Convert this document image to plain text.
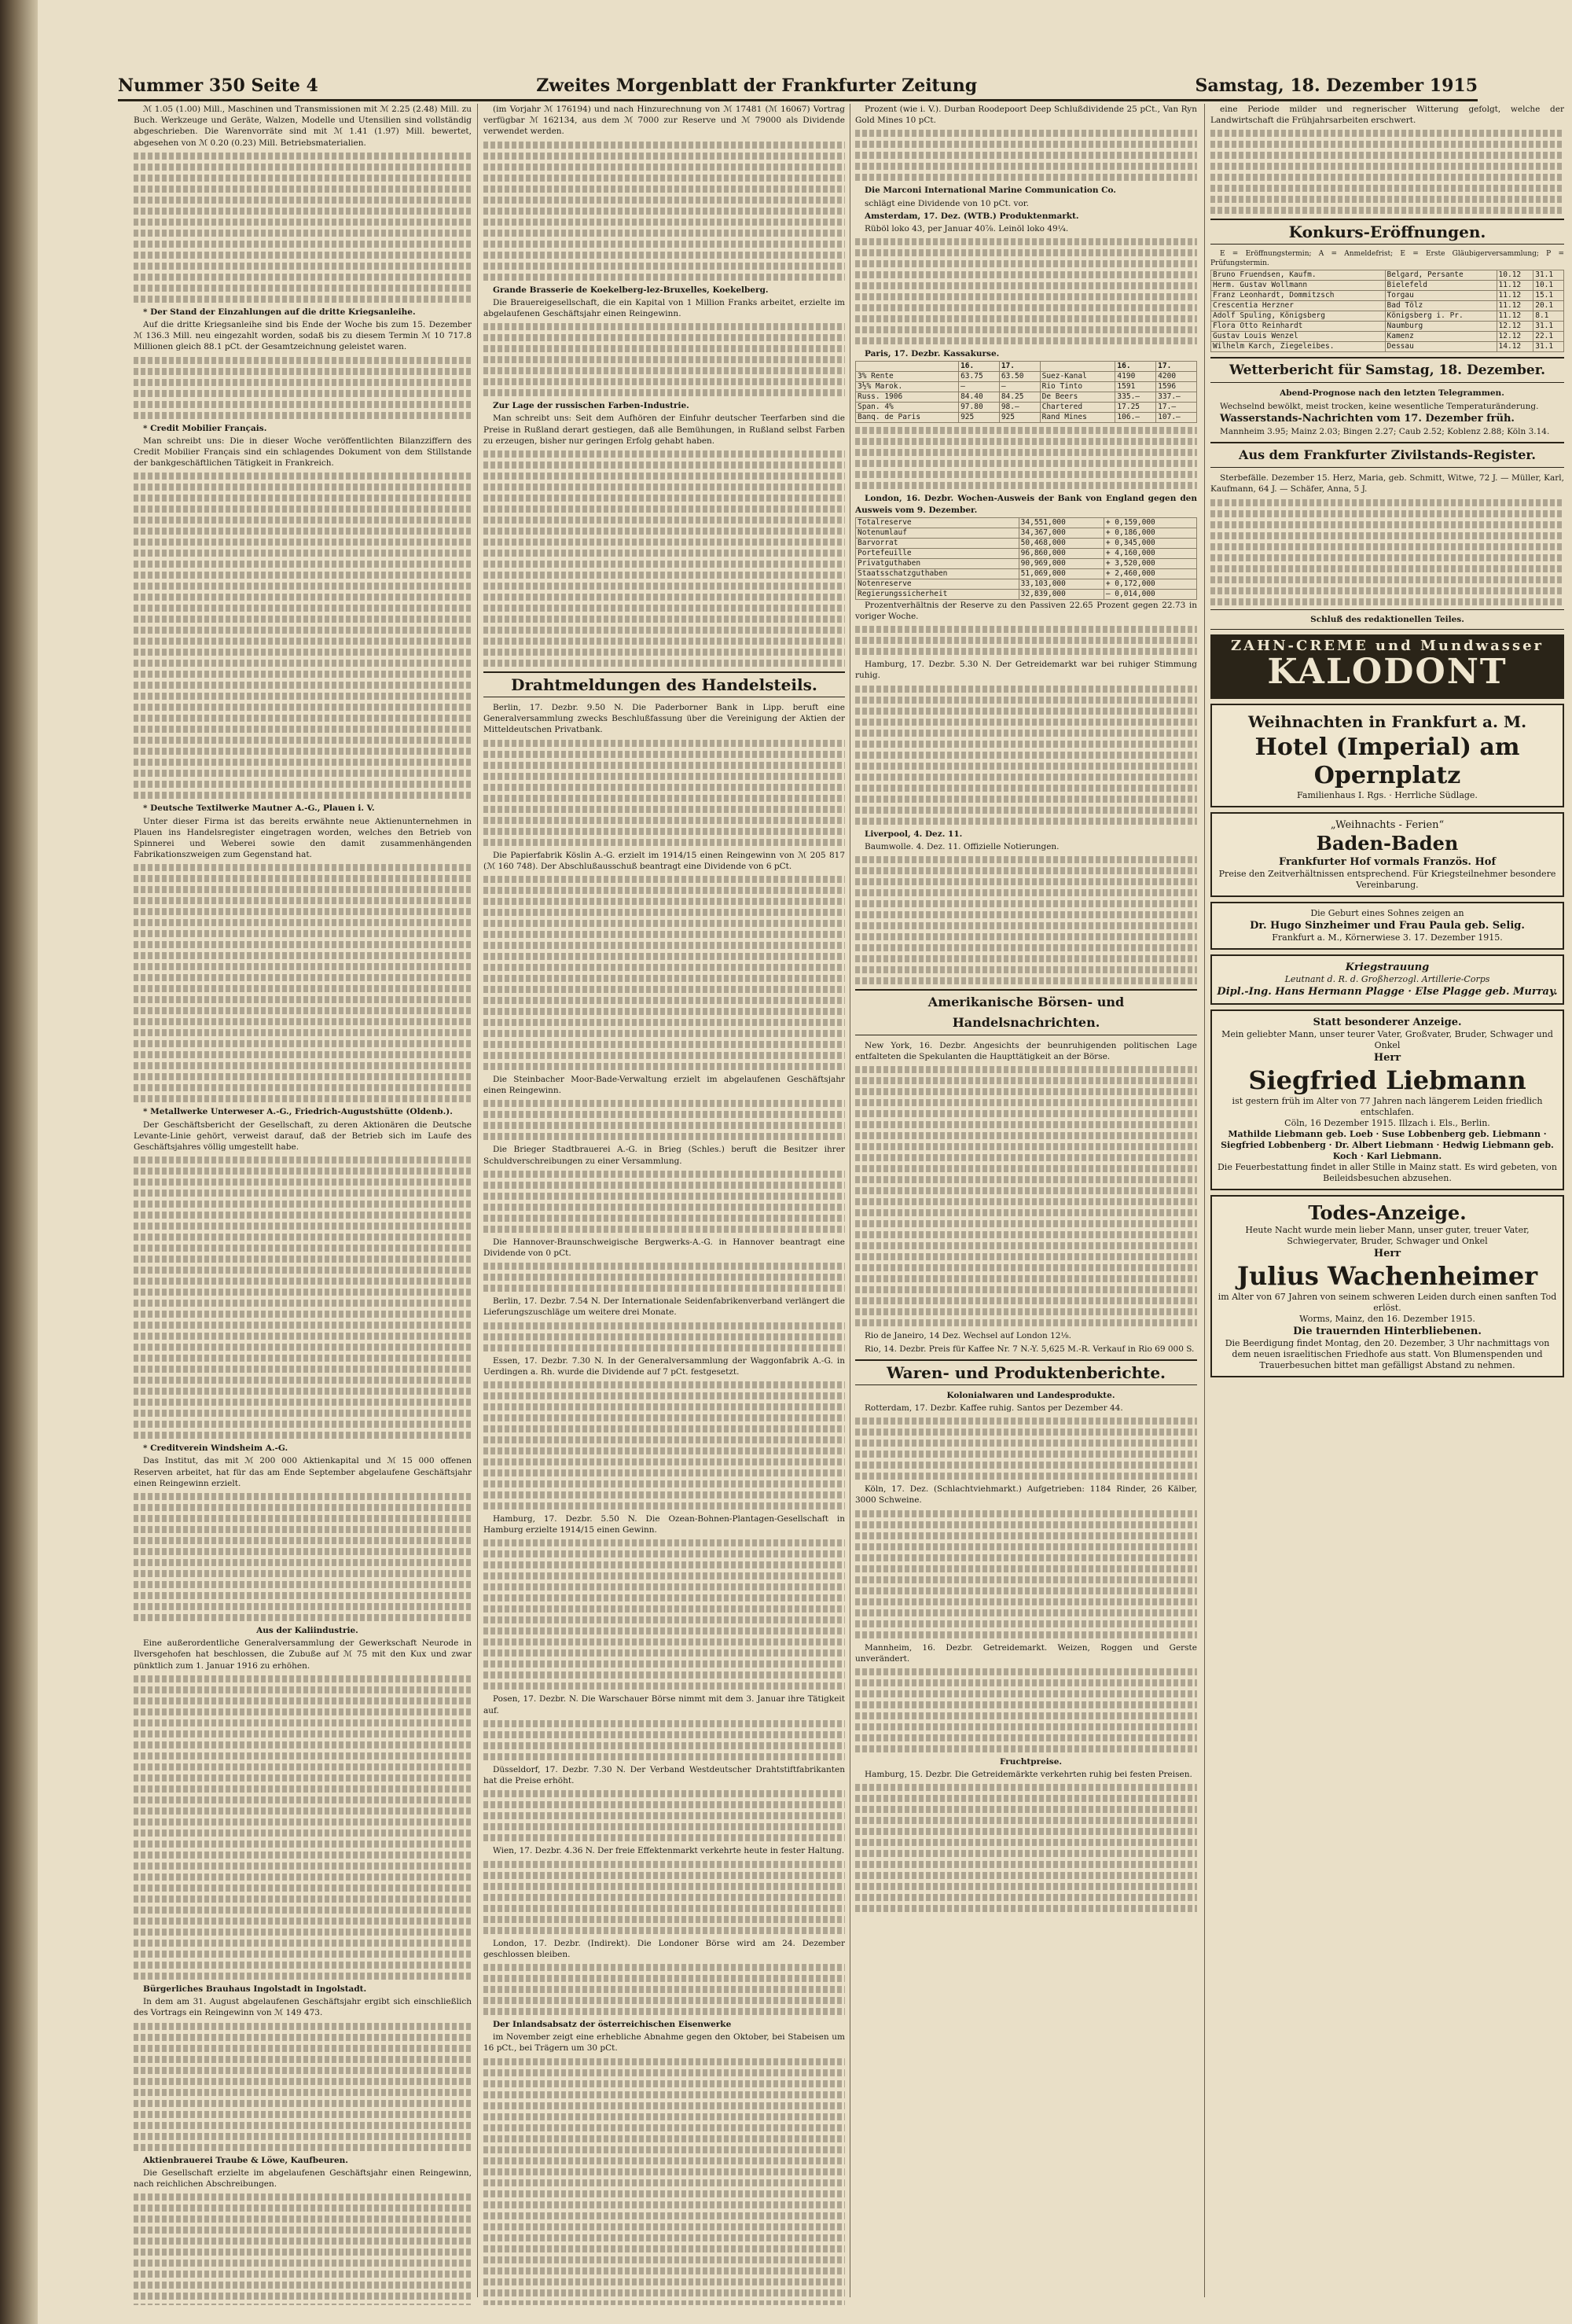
Nummer 350 Seite 4	Zweites Morgenblatt der Frankfurter Zeitung	Samstag, 18. Dezember 1915

ℳ 1.05 (1.00) Mill., Maschinen und Transmissionen mit ℳ 2.25 (2.48) Mill. zu Buch. Werkzeuge und Geräte, Walzen, Modelle und Utensilien sind vollständig abgeschrieben. Die Warenvorräte sind mit ℳ 1.41 (1.97) Mill. bewertet, abgesehen von ℳ 0.20 (0.23) Mill. Betriebsmaterialien.

* Der Stand der Einzahlungen auf die dritte Kriegsanleihe.

Auf die dritte Kriegsanleihe sind bis Ende der Woche bis zum 15. Dezember ℳ 136.3 Mill. neu eingezahlt worden, sodaß bis zu diesem Termin ℳ 10 717.8 Millionen gleich 88.1 pCt. der Gesamtzeichnung geleistet waren.

* Credit Mobilier Français.

Man schreibt uns: Die in dieser Woche veröffentlichten Bilanzziffern des Credit Mobilier Français sind ein schlagendes Dokument von dem Stillstande der bankgeschäftlichen Tätigkeit in Frankreich.

* Deutsche Textilwerke Mautner A.-G., Plauen i. V.

Unter dieser Firma ist das bereits erwähnte neue Aktienunternehmen in Plauen ins Handelsregister eingetragen worden, welches den Betrieb von Spinnerei und Weberei sowie den damit zusammenhängenden Fabrikationszweigen zum Gegenstand hat.

* Metallwerke Unterweser A.-G., Friedrich-Augustshütte (Oldenb.).

Der Geschäftsbericht der Gesellschaft, zu deren Aktionären die Deutsche Levante-Linie gehört, verweist darauf, daß der Betrieb sich im Laufe des Geschäftsjahres völlig umgestellt habe.

* Creditverein Windsheim A.-G.

Das Institut, das mit ℳ 200 000 Aktienkapital und ℳ 15 000 offenen Reserven arbeitet, hat für das am Ende September abgelaufene Geschäftsjahr einen Reingewinn erzielt.

Aus der Kaliindustrie.

Eine außerordentliche Generalversammlung der Gewerkschaft Neurode in Ilversgehofen hat beschlossen, die Zubuße auf ℳ 75 mit den Kux und zwar pünktlich zum 1. Januar 1916 zu erhöhen.

Bürgerliches Brauhaus Ingolstadt in Ingolstadt.

In dem am 31. August abgelaufenen Geschäftsjahr ergibt sich einschließlich des Vortrags ein Reingewinn von ℳ 149 473.

Aktienbrauerei Traube & Löwe, Kaufbeuren.

Die Gesellschaft erzielte im abgelaufenen Geschäftsjahr einen Reingewinn, nach reichlichen Abschreibungen.

(im Vorjahr ℳ 176194) und nach Hinzurechnung von ℳ 17481 (ℳ 16067) Vortrag verfügbar ℳ 162134, aus dem ℳ 7000 zur Reserve und ℳ 79000 als Dividende verwendet werden.

Grande Brasserie de Koekelberg-lez-Bruxelles, Koekelberg.

Die Brauereigesellschaft, die ein Kapital von 1 Million Franks arbeitet, erzielte im abgelaufenen Geschäftsjahr einen Reingewinn.

Zur Lage der russischen Farben-Industrie.

Man schreibt uns: Seit dem Aufhören der Einfuhr deutscher Teerfarben sind die Preise in Rußland derart gestiegen, daß alle Bemühungen, in Rußland selbst Farben zu erzeugen, bisher nur geringen Erfolg gehabt haben.

Drahtmeldungen des Handelsteils.

Berlin, 17. Dezbr. 9.50 N. Die Paderborner Bank in Lipp. beruft eine Generalversammlung zwecks Beschlußfassung über die Vereinigung der Aktien der Mitteldeutschen Privatbank.

Die Papierfabrik Köslin A.-G. erzielt im 1914/15 einen Reingewinn von ℳ 205 817 (ℳ 160 748). Der Abschlußausschuß beantragt eine Dividende von 6 pCt.

Die Steinbacher Moor-Bade-Verwaltung erzielt im abgelaufenen Geschäftsjahr einen Reingewinn.

Die Brieger Stadtbrauerei A.-G. in Brieg (Schles.) beruft die Besitzer ihrer Schuldverschreibungen zu einer Versammlung.

Die Hannover-Braunschweigische Bergwerks-A.-G. in Hannover beantragt eine Dividende von 0 pCt.

Berlin, 17. Dezbr. 7.54 N. Der Internationale Seidenfabrikenverband verlängert die Lieferungszuschläge um weitere drei Monate.

Essen, 17. Dezbr. 7.30 N. In der Generalversammlung der Waggonfabrik A.-G. in Uerdingen a. Rh. wurde die Dividende auf 7 pCt. festgesetzt.

Hamburg, 17. Dezbr. 5.50 N. Die Ozean-Bohnen-Plantagen-Gesellschaft in Hamburg erzielte 1914/15 einen Gewinn.

Posen, 17. Dezbr. N. Die Warschauer Börse nimmt mit dem 3. Januar ihre Tätigkeit auf.

Düsseldorf, 17. Dezbr. 7.30 N. Der Verband Westdeutscher Drahtstiftfabrikanten hat die Preise erhöht.

Wien, 17. Dezbr. 4.36 N. Der freie Effektenmarkt verkehrte heute in fester Haltung.

London, 17. Dezbr. (Indirekt). Die Londoner Börse wird am 24. Dezember geschlossen bleiben.

Der Inlandsabsatz der österreichischen Eisenwerke

im November zeigt eine erhebliche Abnahme gegen den Oktober, bei Stabeisen um 16 pCt., bei Trägern um 30 pCt.

Prozent (wie i. V.). Durban Roodepoort Deep Schlußdividende 25 pCt., Van Ryn Gold Mines 10 pCt.

Die Marconi International Marine Communication Co.

schlägt eine Dividende von 10 pCt. vor.

Amsterdam, 17. Dez. (WTB.) Produktenmarkt.

Rüböl loko 43, per Januar 40⅞. Leinöl loko 49¼.

Paris, 17. Dezbr. Kassakurse.

	16.	17.		16.	17.
3% Rente	63.75	63.50	Suez-Kanal	4190	4200
3½% Marok.	—	—	Rio Tinto	1591	1596
Russ. 1906	84.40	84.25	De Beers	335.—	337.—
Span. 4%	97.80	98.—	Chartered	17.25	17.—
Banq. de Paris	925	925	Rand Mines	106.—	107.—

London, 16. Dezbr. Wochen-Ausweis der Bank von England gegen den Ausweis vom 9. Dezember.

Totalreserve	34,551,000	+ 0,159,000
Notenumlauf	34,367,000	+ 0,186,000
Barvorrat	50,468,000	+ 0,345,000
Portefeuille	96,860,000	+ 4,160,000
Privatguthaben	90,969,000	+ 3,520,000
Staatsschatzguthaben	51,069,000	+ 2,460,000
Notenreserve	33,103,000	+ 0,172,000
Regierungssicherheit	32,839,000	— 0,014,000

Prozentverhältnis der Reserve zu den Passiven 22.65 Prozent gegen 22.73 in voriger Woche.

Hamburg, 17. Dezbr. 5.30 N. Der Getreidemarkt war bei ruhiger Stimmung ruhig.

Liverpool, 4. Dez. 11.

Baumwolle. 4. Dez. 11. Offizielle Notierungen.

Amerikanische Börsen- und Handelsnachrichten.

New York, 16. Dezbr. Angesichts der beunruhigenden politischen Lage entfalteten die Spekulanten die Haupttätigkeit an der Börse.

Rio de Janeiro, 14 Dez. Wechsel auf London 12⅛.

Rio, 14. Dezbr. Preis für Kaffee Nr. 7 N.-Y. 5,625 M.-R. Verkauf in Rio 69 000 S.

Waren- und Produktenberichte.

Kolonialwaren und Landesprodukte.

Rotterdam, 17. Dezbr. Kaffee ruhig. Santos per Dezember 44.

Köln, 17. Dez. (Schlachtviehmarkt.) Aufgetrieben: 1184 Rinder, 26 Kälber, 3000 Schweine.

Mannheim, 16. Dezbr. Getreidemarkt. Weizen, Roggen und Gerste unverändert.

Fruchtpreise.

Hamburg, 15. Dezbr. Die Getreidemärkte verkehrten ruhig bei festen Preisen.

eine Periode milder und regnerischer Witterung gefolgt, welche der Landwirtschaft die Frühjahrsarbeiten erschwert.

Konkurs-Eröffnungen.

E = Eröffnungstermin; A = Anmeldefrist; E = Erste Gläubigerversammlung; P = Prüfungstermin.

Bruno Fruendsen, Kaufm.	Belgard, Persante	10.12	31.1
Herm. Gustav Wollmann	Bielefeld	11.12	10.1
Franz Leonhardt, Dommitzsch	Torgau	11.12	15.1
Crescentia Herzner	Bad Tölz	11.12	20.1
Adolf Spuling, Königsberg	Königsberg i. Pr.	11.12	8.1
Flora Otto Reinhardt	Naumburg	12.12	31.1
Gustav Louis Wenzel	Kamenz	12.12	22.1
Wilhelm Karch, Ziegeleibes.	Dessau	14.12	31.1
Wetterbericht für Samstag, 18. Dezember.

Abend-Prognose nach den letzten Telegrammen.

Wechselnd bewölkt, meist trocken, keine wesentliche Temperaturänderung.

Wasserstands-Nachrichten vom 17. Dezember früh.

Mannheim 3.95; Mainz 2.03; Bingen 2.27; Caub 2.52; Koblenz 2.88; Köln 3.14.

Aus dem Frankfurter Zivilstands-Register.

Sterbefälle. Dezember 15. Herz, Maria, geb. Schmitt, Witwe, 72 J. — Müller, Karl, Kaufmann, 64 J. — Schäfer, Anna, 5 J.

Schluß des redaktionellen Teiles.

ZAHN-CREME und Mundwasser
KALODONT
Weihnachten in Frankfurt a. M.
Hotel (Imperial) am Opernplatz
Familienhaus I. Rgs. · Herrliche Südlage.
„Weihnachts - Ferien“
Baden-Baden
Frankfurter Hof vormals Französ. Hof
Preise den Zeitverhältnissen entsprechend. Für Kriegsteilnehmer besondere Vereinbarung.
Die Geburt eines Sohnes zeigen an
Dr. Hugo Sinzheimer und Frau Paula geb. Selig.
Frankfurt a. M., Körnerwiese 3. 17. Dezember 1915.
Kriegstrauung
Leutnant d. R. d. Großherzogl. Artillerie-Corps
Dipl.-Ing. Hans Hermann Plagge · Else Plagge geb. Murray.
Statt besonderer Anzeige.
Mein geliebter Mann, unser teurer Vater, Großvater, Bruder, Schwager und Onkel
Herr
Siegfried Liebmann
ist gestern früh im Alter von 77 Jahren nach längerem Leiden friedlich entschlafen.
Cöln, 16 Dezember 1915. Illzach i. Els., Berlin.
Mathilde Liebmann geb. Loeb · Suse Lobbenberg geb. Liebmann · Siegfried Lobbenberg · Dr. Albert Liebmann · Hedwig Liebmann geb. Koch · Karl Liebmann.
Die Feuerbestattung findet in aller Stille in Mainz statt. Es wird gebeten, von Beileidsbesuchen abzusehen.
Todes-Anzeige.
Heute Nacht wurde mein lieber Mann, unser guter, treuer Vater, Schwiegervater, Bruder, Schwager und Onkel
Herr
Julius Wachenheimer
im Alter von 67 Jahren von seinem schweren Leiden durch einen sanften Tod erlöst.
Worms, Mainz, den 16. Dezember 1915.
Die trauernden Hinterbliebenen.
Die Beerdigung findet Montag, den 20. Dezember, 3 Uhr nachmittags von dem neuen israelitischen Friedhofe aus statt. Von Blumenspenden und Trauerbesuchen bittet man gefälligst Abstand zu nehmen.
